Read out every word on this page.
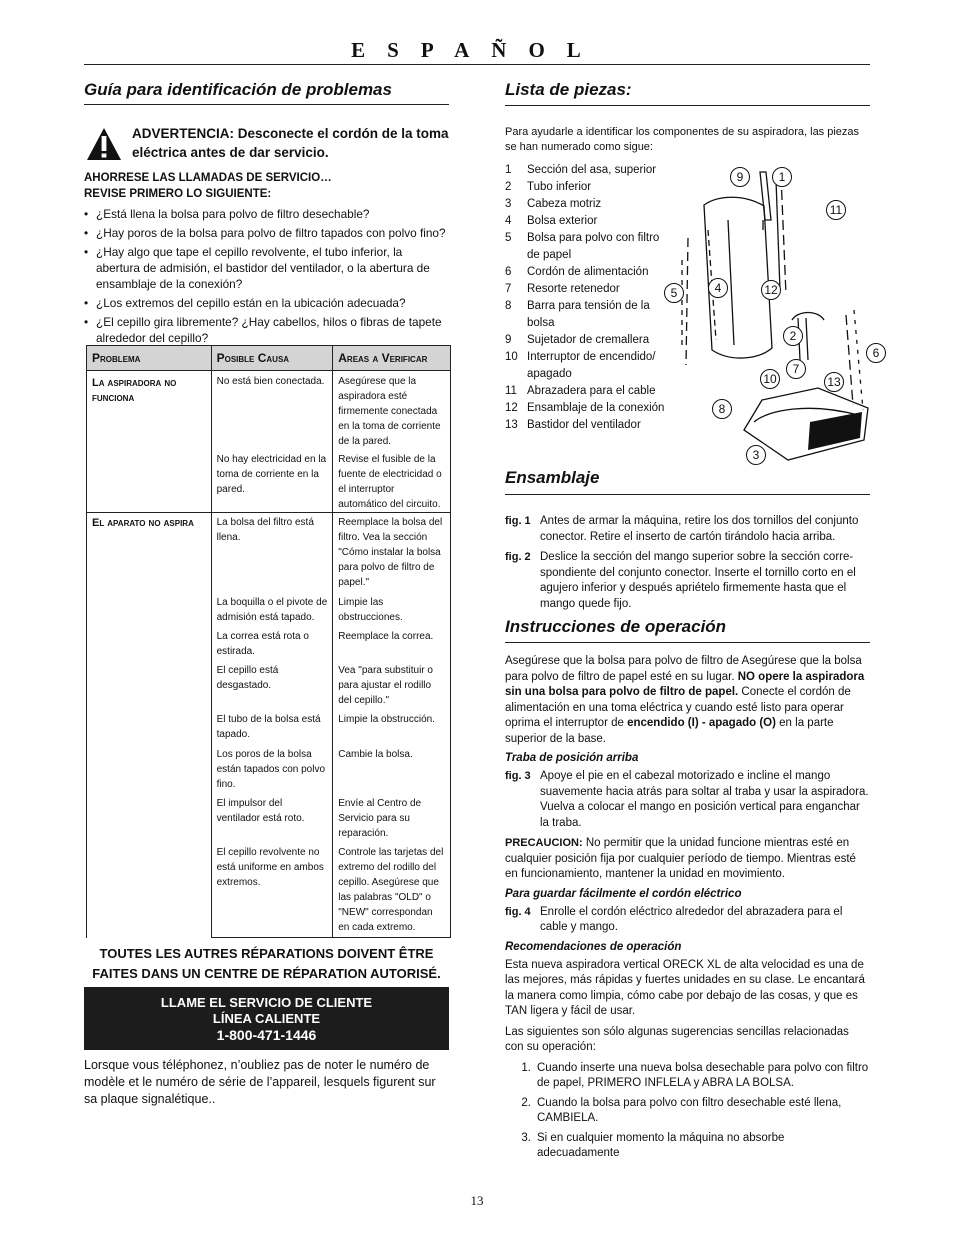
ESPAÑOL
Guía para identificación de problemas
ADVERTENCIA: Desconecte el cordón de la toma eléctrica antes de dar servicio.
AHORRESE LAS LLAMADAS DE SERVICIO…
REVISE PRIMERO LO SIGUIENTE:
• ¿Está llena la bolsa para polvo de filtro desechable?
• ¿Hay poros de la bolsa para polvo de filtro tapados con polvo fino?
• ¿Hay algo que tape el cepillo revolvente, el tubo inferior, la abertura de admisión, el bastidor del ventilador, o la abertura de ensamblaje de la conexión?
• ¿Los extremos del cepillo están en la ubicación adecuada?
• ¿El cepillo gira libremente? ¿Hay cabellos, hilos o fibras de tapete alrededor del cepillo?
Problema	Posible Causa	Areas a Verificar
La aspiradora no funciona	No está bien conectada.	Asegúrese que la aspiradora esté firmemente conectada en la toma de corriente de la pared.
	No hay electricidad en la toma de corriente en la pared.	Revise el fusible de la fuente de electricidad o el interruptor automático del circuito.
El aparato no aspira	La bolsa del filtro está llena.	Reemplace la bolsa del filtro. Vea la sección "Cómo instalar la bolsa para polvo de filtro de papel."
	La boquilla o el pivote de admisión está tapado.	Limpie las obstrucciones.
	La correa está rota o estirada.	Reemplace la correa.
	El cepillo está desgastado.	Vea "para substituir o para ajustar el rodillo del cepillo."
	El tubo de la bolsa está tapado.	Limpie la obstrucción.
	Los poros de la bolsa están tapados con polvo fino.	Cambie la bolsa.
	El impulsor del ventilador está roto.	Envíe al Centro de Servicio para su reparación.
	El cepillo revolvente no está uniforme en ambos extremos.	Controle las tarjetas del extremo del rodillo del cepillo. Asegúrese que las palabras "OLD" o "NEW" correspondan en cada extremo.
TOUTES LES AUTRES RÉPARATIONS DOIVENT ÊTRE FAITES DANS UN CENTRE DE RÉPARATION AUTORISÉ.
LLAME EL SERVICIO DE CLIENTE
LÍNEA CALIENTE
1-800-471-1446
Lorsque vous téléphonez, n’oubliez pas de noter le numéro de modèle et le numéro de série de l’appareil, lesquels figurent sur sa plaque signalétique..
Lista de piezas:
Para ayudarle a identificar los componentes de su aspiradora, las piezas se han numerado como sigue:
1	Sección del asa, superior
2	Tubo inferior
3	Cabeza motriz
4	Bolsa exterior
5	Bolsa para polvo con filtro de papel
6	Cordón de alimentación
7	Resorte retenedor
8	Barra para tensión de la bolsa
9	Sujetador de cremallera
10 Interruptor de encendido/ apagado
11 Abrazadera para el cable
12 Ensamblaje de la conexión
13 Bastidor del ventilador
9	1
11
5	4	12
2
6
7
10	13
8
3
Ensamblaje
fig. 1 Antes de armar la máquina, retire los dos tornillos del conjunto conector. Retire el inserto de cartón tirándolo hacia arriba.
fig. 2 Deslice la sección del mango superior sobre la sección corre-spondiente del conjunto conector. Inserte el tornillo corto en el agujero inferior y después apriételo firmemente hasta que el mango quede fijo.
Instrucciones de operación
Asegúrese que la bolsa para polvo de filtro de Asegúrese que la bolsa para polvo de filtro de papel esté en su lugar. NO opere la aspiradora sin una bolsa para polvo de filtro de papel. Conecte el cordón de alimentación en una toma eléctrica y cuando esté listo para operar oprima el interruptor de encendido (I) - apagado (O) en la parte superior de la base.
Traba de posición arriba
fig. 3 Apoye el pie en el cabezal motorizado e incline el mango suavemente hacia atrás para soltar al traba y usar la aspiradora. Vuelva a colocar el mango en posición vertical para enganchar la traba.
PRECAUCION: No permitir que la unidad funcione mientras esté en cualquier posición fija por cualquier período de tiempo. Mientras esté en funcionamiento, mantener la unidad en movimiento.
Para guardar fácilmente el cordón eléctrico
fig. 4 Enrolle el cordón eléctrico alrededor del abrazadera para el cable y mango.
Recomendaciones de operación
Esta nueva aspiradora vertical ORECK XL de alta velocidad es una de las mejores, más rápidas y fuertes unidades en su clase. Le encantará la manera como limpia, cómo cabe por debajo de las cosas, y que es TAN ligera y fácil de usar.
Las siguientes son sólo algunas sugerencias sencillas relacionadas con su operación:
1. Cuando inserte una nueva bolsa desechable para polvo con filtro de papel, PRIMERO INFLELA y ABRA LA BOLSA.
2. Cuando la bolsa para polvo con filtro desechable esté llena, CAMBIELA.
3. Si en cualquier momento la máquina no absorbe adecuadamente
13
